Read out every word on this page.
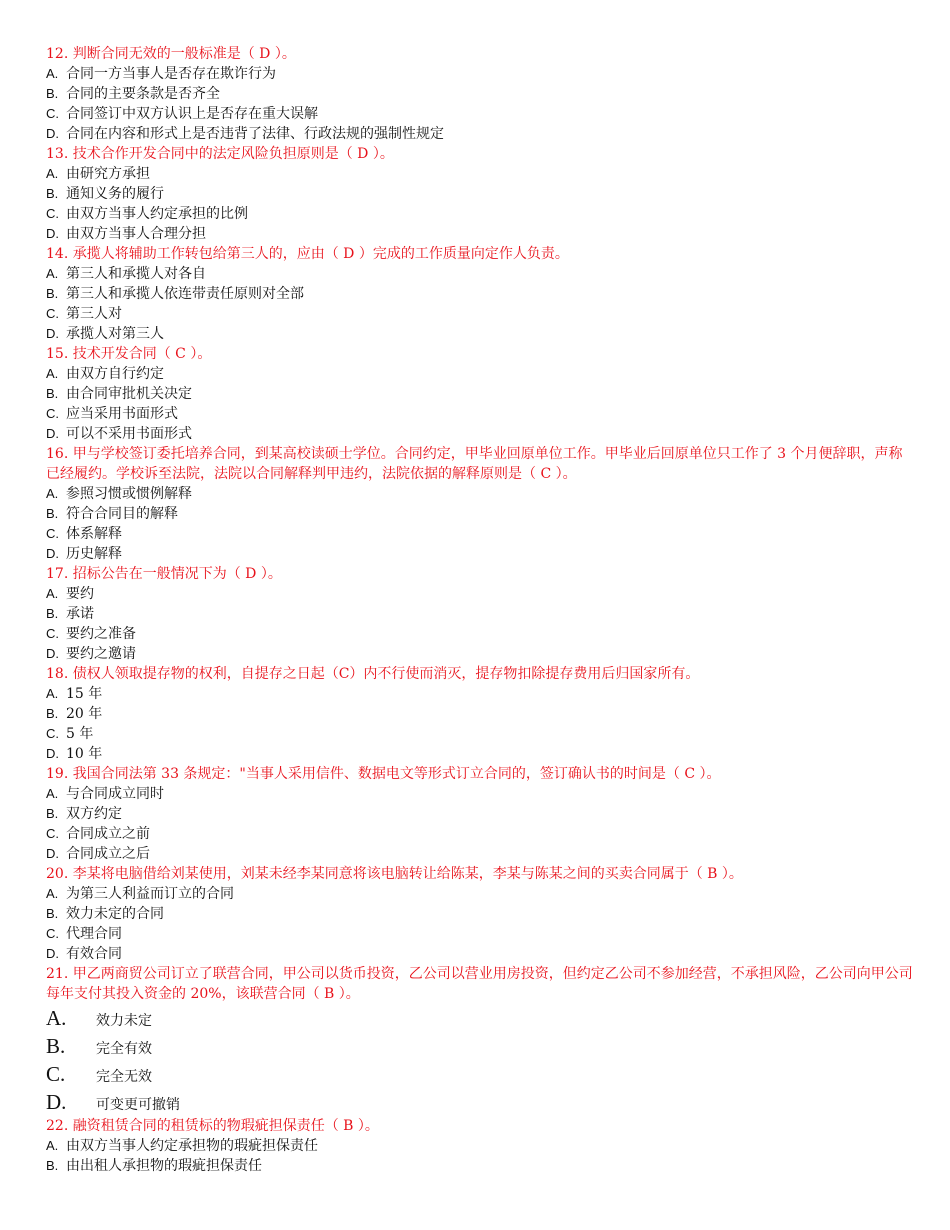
12. 判断合同无效的一般标准是（ D ）。
A. 合同一方当事人是否存在欺诈行为
B. 合同的主要条款是否齐全
C. 合同签订中双方认识上是否存在重大误解
D. 合同在内容和形式上是否违背了法律、行政法规的强制性规定
13. 技术合作开发合同中的法定风险负担原则是（ D ）。
A. 由研究方承担
B. 通知义务的履行
C. 由双方当事人约定承担的比例
D. 由双方当事人合理分担
14. 承揽人将辅助工作转包给第三人的，应由（ D ）完成的工作质量向定作人负责。
A. 第三人和承揽人对各自
B. 第三人和承揽人依连带责任原则对全部
C. 第三人对
D. 承揽人对第三人
15. 技术开发合同（ C ）。
A. 由双方自行约定
B. 由合同审批机关决定
C. 应当采用书面形式
D. 可以不采用书面形式
16. 甲与学校签订委托培养合同，到某高校读硕士学位。合同约定，甲毕业回原单位工作。甲毕业后回原单位只工作了 3 个月便辞职，声称已经履约。学校诉至法院，法院以合同解释判甲违约，法院依据的解释原则是（ C ）。
A. 参照习惯或惯例解释
B. 符合合同目的解释
C. 体系解释
D. 历史解释
17. 招标公告在一般情况下为（ D ）。
A. 要约
B. 承诺
C. 要约之准备
D. 要约之邀请
18. 债权人领取提存物的权利，自提存之日起（C）内不行使而消灭，提存物扣除提存费用后归国家所有。
A. 15 年
B. 20 年
C. 5 年
D. 10 年
19. 我国合同法第 33 条规定："当事人采用信件、数据电文等形式订立合同的，签订确认书的时间是（ C ）。
A. 与合同成立同时
B. 双方约定
C. 合同成立之前
D. 合同成立之后
20. 李某将电脑借给刘某使用，刘某未经李某同意将该电脑转让给陈某，李某与陈某之间的买卖合同属于（ B ）。
A. 为第三人利益而订立的合同
B. 效力未定的合同
C. 代理合同
D. 有效合同
21. 甲乙两商贸公司订立了联营合同，甲公司以货币投资，乙公司以营业用房投资，但约定乙公司不参加经营，不承担风险，乙公司向甲公司每年支付其投入资金的 20%，该联营合同（ B ）。
A. 效力未定
B. 完全有效
C. 完全无效
D. 可变更可撤销
22. 融资租赁合同的租赁标的物瑕疵担保责任（ B ）。
A. 由双方当事人约定承担物的瑕疵担保责任
B. 由出租人承担物的瑕疵担保责任
